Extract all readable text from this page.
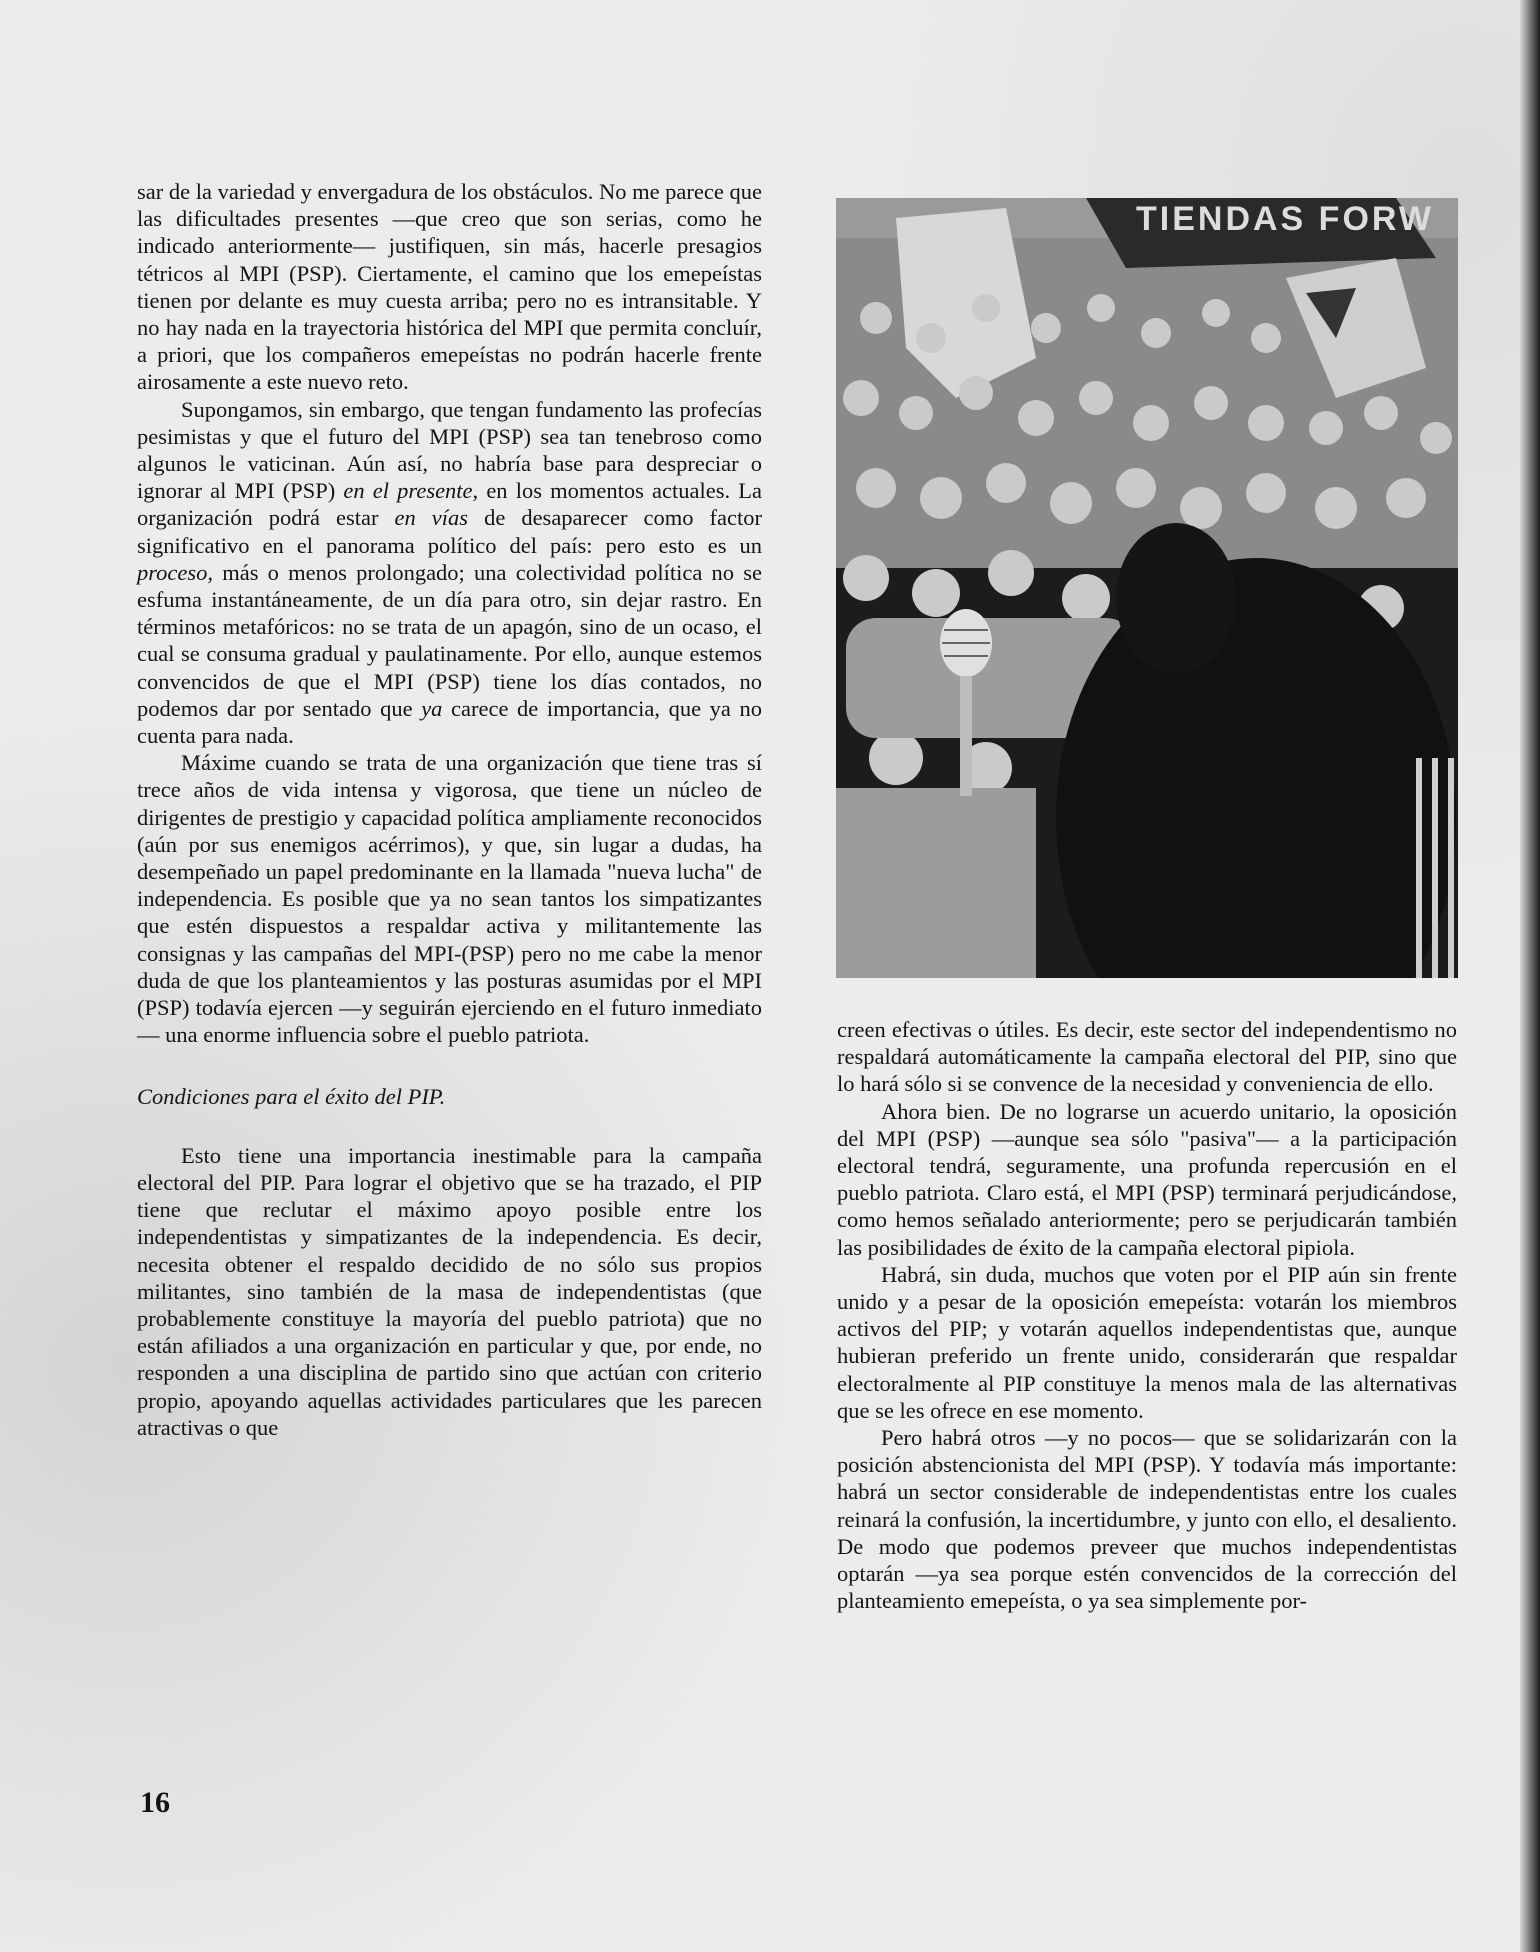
sar de la variedad y envergadura de los obstáculos. No me parece que las dificultades presentes —que creo que son serias, como he indicado anteriormente— justifiquen, sin más, hacerle presagios tétricos al MPI (PSP). Ciertamente, el camino que los emepeístas tienen por delante es muy cuesta arriba; pero no es intransitable. Y no hay nada en la trayectoria histórica del MPI que permita concluír, a priori, que los compañeros emepeístas no podrán hacerle frente airosamente a este nuevo reto.

Supongamos, sin embargo, que tengan fundamento las profecías pesimistas y que el futuro del MPI (PSP) sea tan tenebroso como algunos le vaticinan. Aún así, no habría base para despreciar o ignorar al MPI (PSP) en el presente, en los momentos actuales. La organización podrá estar en vías de desaparecer como factor significativo en el panorama político del país: pero esto es un proceso, más o menos prolongado; una colectividad política no se esfuma instantáneamente, de un día para otro, sin dejar rastro. En términos metafóricos: no se trata de un apagón, sino de un ocaso, el cual se consuma gradual y paulatinamente. Por ello, aunque estemos convencidos de que el MPI (PSP) tiene los días contados, no podemos dar por sentado que ya carece de importancia, que ya no cuenta para nada.

Máxime cuando se trata de una organización que tiene tras sí trece años de vida intensa y vigorosa, que tiene un núcleo de dirigentes de prestigio y capacidad política ampliamente reconocidos (aún por sus enemigos acérrimos), y que, sin lugar a dudas, ha desempeñado un papel predominante en la llamada "nueva lucha" de independencia. Es posible que ya no sean tantos los simpatizantes que estén dispuestos a respaldar activa y militantemente las consignas y las campañas del MPI-(PSP) pero no me cabe la menor duda de que los planteamientos y las posturas asumidas por el MPI (PSP) todavía ejercen —y seguirán ejerciendo en el futuro inmediato— una enorme influencia sobre el pueblo patriota.

Condiciones para el éxito del PIP.

Esto tiene una importancia inestimable para la campaña electoral del PIP. Para lograr el objetivo que se ha trazado, el PIP tiene que reclutar el máximo apoyo posible entre los independentistas y simpatizantes de la independencia. Es decir, necesita obtener el respaldo decidido de no sólo sus propios militantes, sino también de la masa de independentistas (que probablemente constituye la mayoría del pueblo patriota) que no están afiliados a una organización en particular y que, por ende, no responden a una disciplina de partido sino que actúan con criterio propio, apoyando aquellas actividades particulares que les parecen atractivas o que

TIENDAS FORW

creen efectivas o útiles. Es decir, este sector del independentismo no respaldará automáticamente la campaña electoral del PIP, sino que lo hará sólo si se convence de la necesidad y conveniencia de ello.

Ahora bien. De no lograrse un acuerdo unitario, la oposición del MPI (PSP) —aunque sea sólo "pasiva"— a la participación electoral tendrá, seguramente, una profunda repercusión en el pueblo patriota. Claro está, el MPI (PSP) terminará perjudicándose, como hemos señalado anteriormente; pero se perjudicarán también las posibilidades de éxito de la campaña electoral pipiola.

Habrá, sin duda, muchos que voten por el PIP aún sin frente unido y a pesar de la oposición emepeísta: votarán los miembros activos del PIP; y votarán aquellos independentistas que, aunque hubieran preferido un frente unido, considerarán que respaldar electoralmente al PIP constituye la menos mala de las alternativas que se les ofrece en ese momento.

Pero habrá otros —y no pocos— que se solidarizarán con la posición abstencionista del MPI (PSP). Y todavía más importante: habrá un sector considerable de independentistas entre los cuales reinará la confusión, la incertidumbre, y junto con ello, el desaliento. De modo que podemos preveer que muchos independentistas optarán —ya sea porque estén convencidos de la corrección del planteamiento emepeísta, o ya sea simplemente por-

16
